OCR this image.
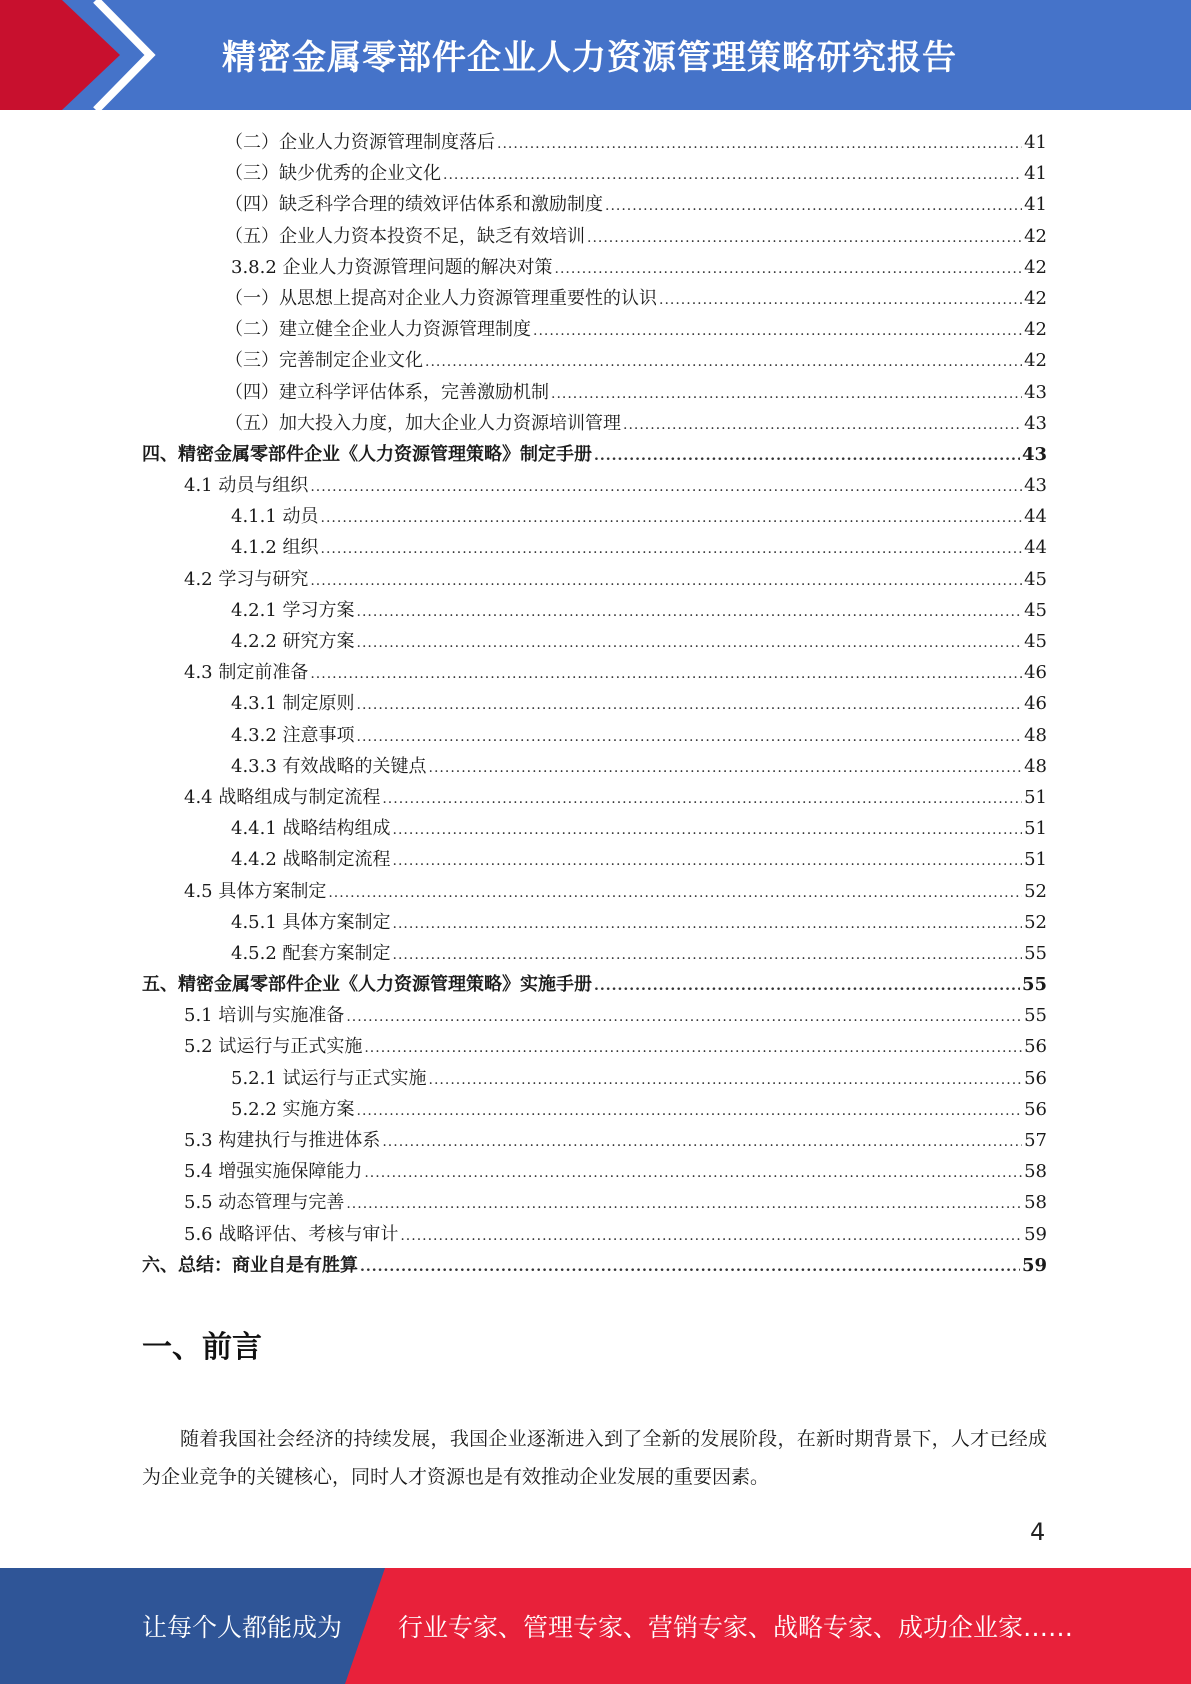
精密金属零部件企业人力资源管理策略研究报告
（二）企业人力资源管理制度落后 .....	41
（三）缺少优秀的企业文化 .....	41
（四）缺乏科学合理的绩效评估体系和激励制度 .....	41
（五）企业人力资本投资不足，缺乏有效培训 .....	42
3.8.2 企业人力资源管理问题的解决对策 .....	42
（一）从思想上提高对企业人力资源管理重要性的认识 .....	42
（二）建立健全企业人力资源管理制度 .....	42
（三）完善制定企业文化 .....	42
（四）建立科学评估体系，完善激励机制 .....	43
（五）加大投入力度，加大企业人力资源培训管理 .....	43
四、精密金属零部件企业《人力资源管理策略》制定手册 .....	43
4.1 动员与组织 .....	43
4.1.1 动员 .....	44
4.1.2 组织 .....	44
4.2 学习与研究 .....	45
4.2.1 学习方案 .....	45
4.2.2 研究方案 .....	45
4.3 制定前准备 .....	46
4.3.1 制定原则 .....	46
4.3.2 注意事项 .....	48
4.3.3 有效战略的关键点 .....	48
4.4 战略组成与制定流程 .....	51
4.4.1 战略结构组成 .....	51
4.4.2 战略制定流程 .....	51
4.5 具体方案制定 .....	52
4.5.1 具体方案制定 .....	52
4.5.2 配套方案制定 .....	55
五、精密金属零部件企业《人力资源管理策略》实施手册 .....	55
5.1 培训与实施准备 .....	55
5.2 试运行与正式实施 .....	56
5.2.1 试运行与正式实施 .....	56
5.2.2 实施方案 .....	56
5.3 构建执行与推进体系 .....	57
5.4 增强实施保障能力 .....	58
5.5 动态管理与完善 .....	58
5.6 战略评估、考核与审计 .....	59
六、总结：商业自是有胜算 .....	59
一、前言

随着我国社会经济的持续发展，我国企业逐渐进入到了全新的发展阶段，在新时期背景下，人才已经成为企业竞争的关键核心，同时人才资源也是有效推动企业发展的重要因素。

4
让每个人都能成为 行业专家、管理专家、营销专家、战略专家、成功企业家……
